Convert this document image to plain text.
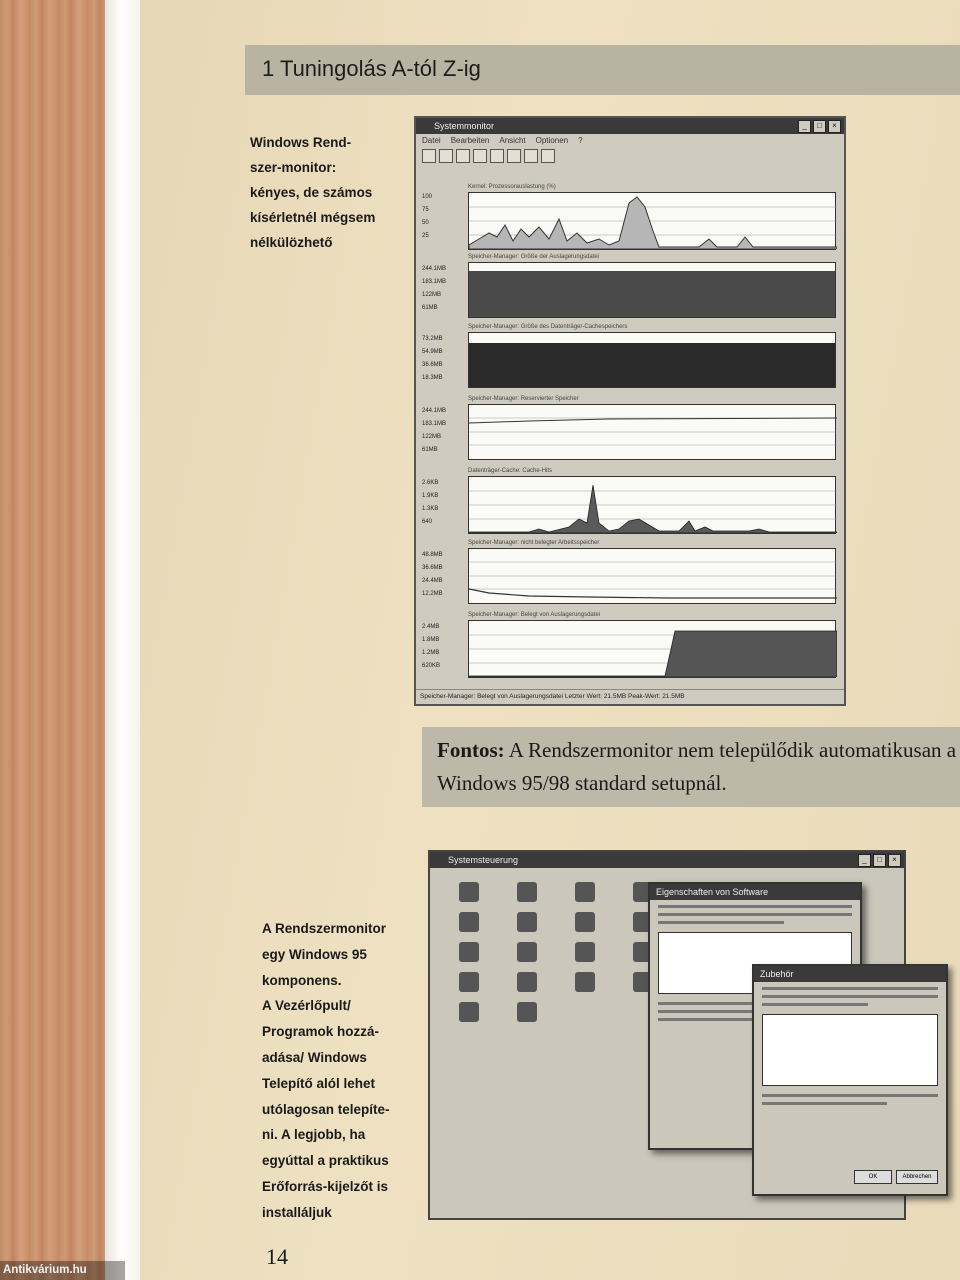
1 Tuningolás A-tól Z-ig
Windows Rend-
szer-monitor:
kényes, de számos
kísérletnél mégsem
nélkülözhető
Systemmonitor	_	□	×
Datei Bearbeiten Ansicht Optionen ?
Kernel: Prozessorauslastung (%)
100
75
50
25
Speicher-Manager: Größe der Auslagerungsdatei
244.1MB
183.1MB
122MB
61MB
Speicher-Manager: Größe des Datenträger-Cachespeichers
73.2MB
54.9MB
36.6MB
18.3MB
Speicher-Manager: Reservierter Speicher
244.1MB
183.1MB
122MB
61MB
Datenträger-Cache: Cache-Hits
2.6KB
1.9KB
1.3KB
640
Speicher-Manager: nicht belegter Arbeitsspeicher
48.8MB
36.6MB
24.4MB
12.2MB
Speicher-Manager: Belegt von Auslagerungsdatei
2.4MB
1.8MB
1.2MB
620KB
Speicher-Manager: Belegt von Auslagerungsdatei Letzter Wert: 21.5MB Peak-Wert: 21.5MB
Fontos: A Rendszermonitor nem települődik automatikusan a Windows 95/98 standard setupnál.
A Rendszermonitor
egy Windows 95
komponens.
A Vezérlőpult/
Programok hozzá-
adása/ Windows
Telepítő alól lehet
utólagosan telepíte-
ni. A legjobb, ha
egyúttal a praktikus
Erőforrás-kijelzőt is
installáljuk
Systemsteuerung	_	□	×
Eigenschaften von Software
Zubehör
OK	Abbrechen
14
Antikvárium.hu
